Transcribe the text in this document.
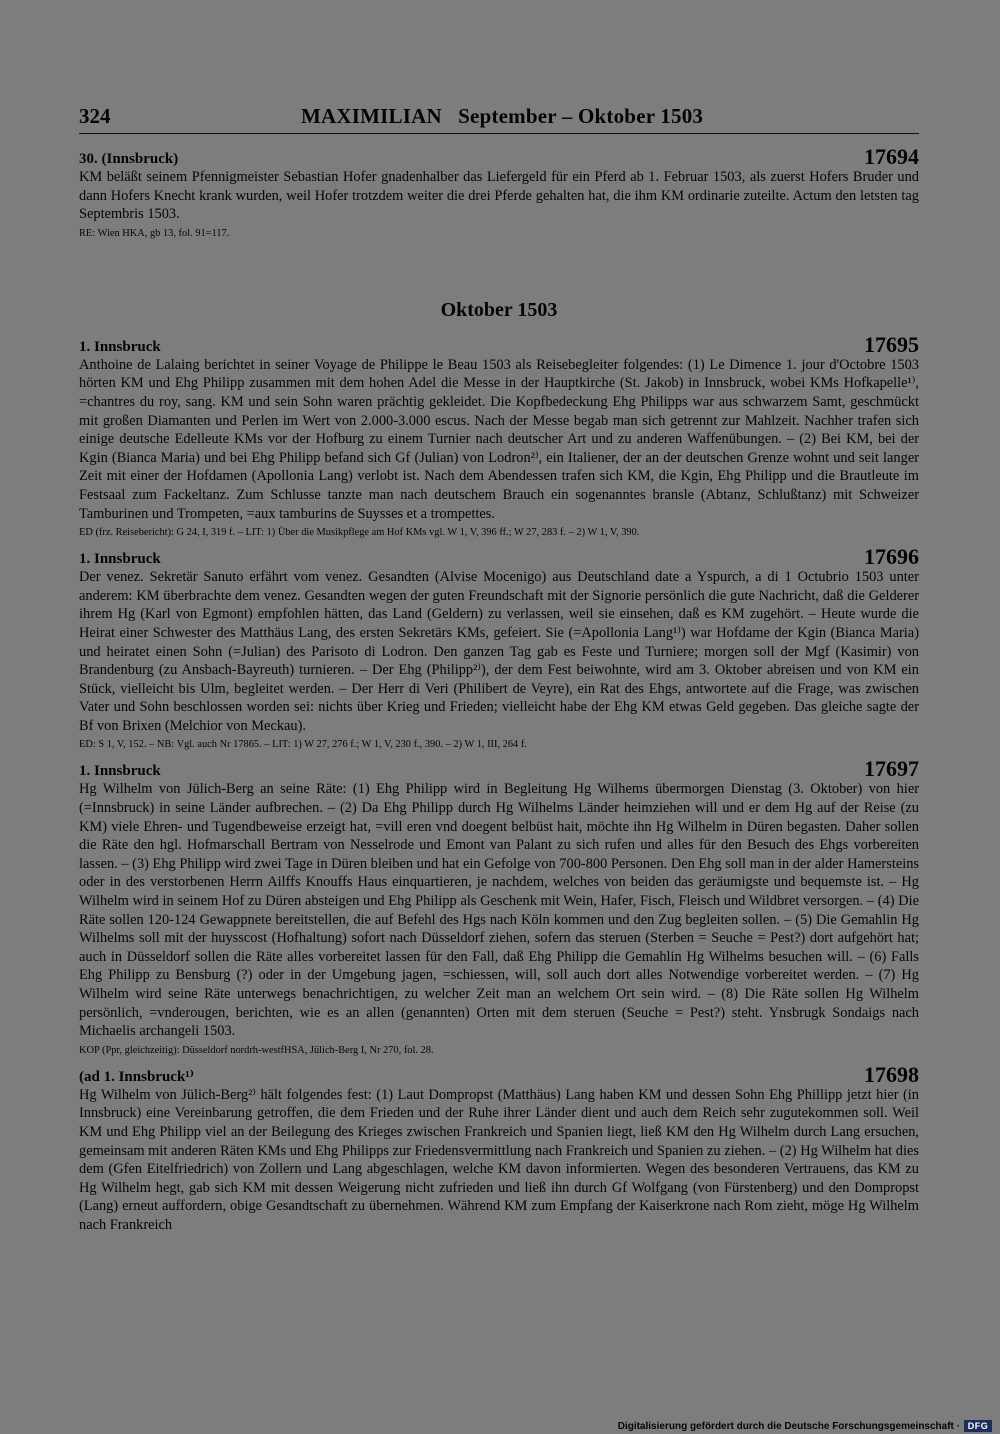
324	MAXIMILIAN   September – Oktober 1503
30. (Innsbruck)	17694

KM beläßt seinem Pfennigmeister Sebastian Hofer gnadenhalber das Liefergeld für ein Pferd ab 1. Februar 1503, als zuerst Hofers Bruder und dann Hofers Knecht krank wurden, weil Hofer trotzdem weiter die drei Pferde gehalten hat, die ihm KM ordinarie zuteilte. Actum den letsten tag Septembris 1503.

RE: Wien HKA, gb 13, fol. 91=117.
Oktober 1503
1. Innsbruck	17695

Anthoine de Lalaing berichtet in seiner Voyage de Philippe le Beau 1503 als Reisebegleiter folgendes: (1) Le Dimence 1. jour d'Octobre 1503 hörten KM und Ehg Philipp zusammen mit dem hohen Adel die Messe in der Hauptkirche (St. Jakob) in Innsbruck, wobei KMs Hofkapelle¹⁾, =chantres du roy, sang. KM und sein Sohn waren prächtig gekleidet. Die Kopfbedeckung Ehg Philipps war aus schwarzem Samt, geschmückt mit großen Diamanten und Perlen im Wert von 2.000-3.000 escus. Nach der Messe begab man sich getrennt zur Mahlzeit. Nachher trafen sich einige deutsche Edelleute KMs vor der Hofburg zu einem Turnier nach deutscher Art und zu anderen Waffenübungen. – (2) Bei KM, bei der Kgin (Bianca Maria) und bei Ehg Philipp befand sich Gf (Julian) von Lodron²⁾, ein Italiener, der an der deutschen Grenze wohnt und seit langer Zeit mit einer der Hofdamen (Apollonia Lang) verlobt ist. Nach dem Abendessen trafen sich KM, die Kgin, Ehg Philipp und die Brautleute im Festsaal zum Fackeltanz. Zum Schlusse tanzte man nach deutschem Brauch ein sogenanntes bransle (Abtanz, Schlußtanz) mit Schweizer Tamburinen und Trompeten, =aux tamburins de Suysses et a trompettes.

ED (frz. Reisebericht): G 24, I, 319 f. – LIT: 1) Über die Musikpflege am Hof KMs vgl. W 1, V, 396 ff.; W 27, 283 f. – 2) W 1, V, 390.
1. Innsbruck	17696

Der venez. Sekretär Sanuto erfährt vom venez. Gesandten (Alvise Mocenigo) aus Deutschland date a Yspurch, a di 1 Octubrio 1503 unter anderem: KM überbrachte dem venez. Gesandten wegen der guten Freundschaft mit der Signorie persönlich die gute Nachricht, daß die Gelderer ihrem Hg (Karl von Egmont) empfohlen hätten, das Land (Geldern) zu verlassen, weil sie einsehen, daß es KM zugehört. – Heute wurde die Heirat einer Schwester des Matthäus Lang, des ersten Sekretärs KMs, gefeiert. Sie (=Apollonia Lang¹⁾) war Hofdame der Kgin (Bianca Maria) und heiratet einen Sohn (=Julian) des Parisoto di Lodron. Den ganzen Tag gab es Feste und Turniere; morgen soll der Mgf (Kasimir) von Brandenburg (zu Ansbach-Bayreuth) turnieren. – Der Ehg (Philipp²⁾), der dem Fest beiwohnte, wird am 3. Oktober abreisen und von KM ein Stück, vielleicht bis Ulm, begleitet werden. – Der Herr di Veri (Philibert de Veyre), ein Rat des Ehgs, antwortete auf die Frage, was zwischen Vater und Sohn beschlossen worden sei: nichts über Krieg und Frieden; vielleicht habe der Ehg KM etwas Geld gegeben. Das gleiche sagte der Bf von Brixen (Melchior von Meckau).

ED: S 1, V, 152. – NB: Vgl. auch Nr 17865. – LIT: 1) W 27, 276 f.; W 1, V, 230 f., 390. – 2) W 1, III, 264 f.
1. Innsbruck	17697

Hg Wilhelm von Jülich-Berg an seine Räte: (1) Ehg Philipp wird in Begleitung Hg Wilhems übermorgen Dienstag (3. Oktober) von hier (=Innsbruck) in seine Länder aufbrechen. – (2) Da Ehg Philipp durch Hg Wilhelms Länder heimziehen will und er dem Hg auf der Reise (zu KM) viele Ehren- und Tugendbeweise erzeigt hat, =vill eren vnd doegent belbüst hait, möchte ihn Hg Wilhelm in Düren begasten. Daher sollen die Räte den hgl. Hofmarschall Bertram von Nesselrode und Emont van Palant zu sich rufen und alles für den Besuch des Ehgs vorbereiten lassen. – (3) Ehg Philipp wird zwei Tage in Düren bleiben und hat ein Gefolge von 700-800 Personen. Den Ehg soll man in der alder Hamersteins oder in des verstorbenen Herrn Ailffs Knouffs Haus einquartieren, je nachdem, welches von beiden das geräumigste und bequemste ist. – Hg Wilhelm wird in seinem Hof zu Düren absteigen und Ehg Philipp als Geschenk mit Wein, Hafer, Fisch, Fleisch und Wildbret versorgen. – (4) Die Räte sollen 120-124 Gewappnete bereitstellen, die auf Befehl des Hgs nach Köln kommen und den Zug begleiten sollen. – (5) Die Gemahlin Hg Wilhelms soll mit der huysscost (Hofhaltung) sofort nach Düsseldorf ziehen, sofern das steruen (Sterben = Seuche = Pest?) dort aufgehört hat; auch in Düsseldorf sollen die Räte alles vorbereitet lassen für den Fall, daß Ehg Philipp die Gemahlin Hg Wilhelms besuchen will. – (6) Falls Ehg Philipp zu Bensburg (?) oder in der Umgebung jagen, =schiessen, will, soll auch dort alles Notwendige vorbereitet werden. – (7) Hg Wilhelm wird seine Räte unterwegs benachrichtigen, zu welcher Zeit man an welchem Ort sein wird. – (8) Die Räte sollen Hg Wilhelm persönlich, =vnderougen, berichten, wie es an allen (genannten) Orten mit dem steruen (Seuche = Pest?) steht. Ynsbrugk Sondaigs nach Michaelis archangeli 1503.

KOP (Ppr, gleichzeitig): Düsseldorf nordrh-westfHSA, Jülich-Berg I, Nr 270, fol. 28.
(ad 1. Innsbruck¹⁾	17698

Hg Wilhelm von Jülich-Berg²⁾ hält folgendes fest: (1) Laut Dompropst (Matthäus) Lang haben KM und dessen Sohn Ehg Phillipp jetzt hier (in Innsbruck) eine Vereinbarung getroffen, die dem Frieden und der Ruhe ihrer Länder dient und auch dem Reich sehr zugutekommen soll. Weil KM und Ehg Philipp viel an der Beilegung des Krieges zwischen Frankreich und Spanien liegt, ließ KM den Hg Wilhelm durch Lang ersuchen, gemeinsam mit anderen Räten KMs und Ehg Philipps zur Friedensvermittlung nach Frankreich und Spanien zu ziehen. – (2) Hg Wilhelm hat dies dem (Gfen Eitelfriedrich) von Zollern und Lang abgeschlagen, welche KM davon informierten. Wegen des besonderen Vertrauens, das KM zu Hg Wilhelm hegt, gab sich KM mit dessen Weigerung nicht zufrieden und ließ ihn durch Gf Wolfgang (von Fürstenberg) und den Dompropst (Lang) erneut auffordern, obige Gesandtschaft zu übernehmen. Während KM zum Empfang der Kaiserkrone nach Rom zieht, möge Hg Wilhelm nach Frankreich

Digitalisierung gefördert durch die Deutsche Forschungsgemeinschaft · DFG
